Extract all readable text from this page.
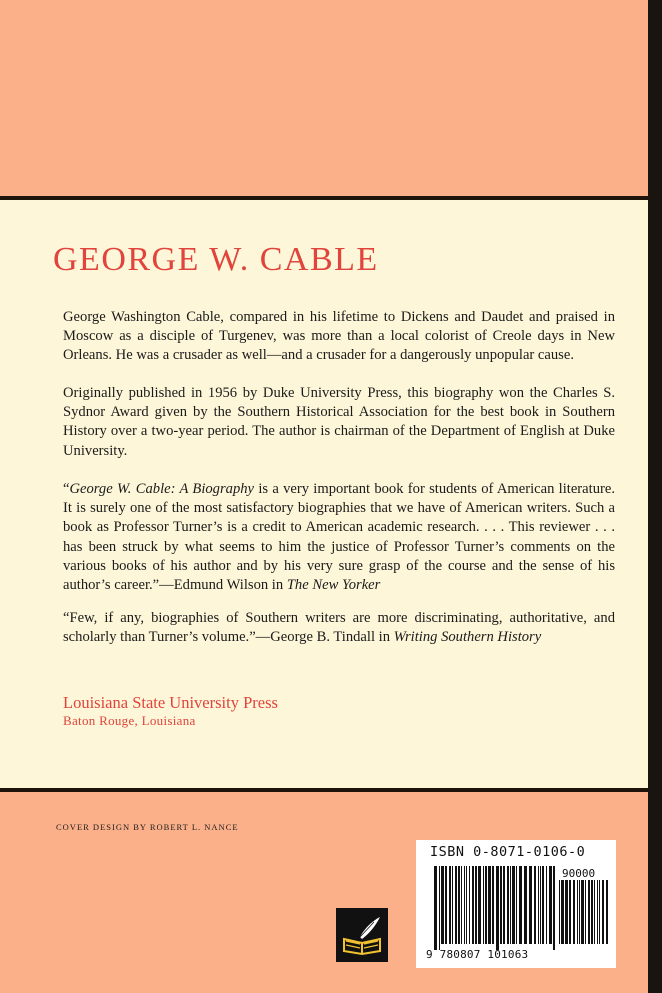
GEORGE W. CABLE

George Washington Cable, compared in his lifetime to Dickens and Daudet and praised in Moscow as a disciple of Turgenev, was more than a local colorist of Creole days in New Orleans. He was a crusader as well—and a crusader for a dangerously unpopular cause.

Originally published in 1956 by Duke University Press, this biography won the Charles S. Sydnor Award given by the Southern Historical Association for the best book in Southern History over a two-year period. The author is chairman of the Department of English at Duke University.

“George W. Cable: A Biography is a very important book for students of American literature. It is surely one of the most satisfactory biographies that we have of American writers. Such a book as Professor Turner’s is a credit to American academic research. . . . This reviewer . . . has been struck by what seems to him the justice of Professor Turner’s comments on the various books of his author and by his very sure grasp of the course and the sense of his author’s career.”—Edmund Wilson in The New Yorker

“Few, if any, biographies of Southern writers are more discriminating, authoritative, and scholarly than Turner’s volume.”—George B. Tindall in Writing Southern History

Louisiana State University Press
Baton Rouge, Louisiana
COVER DESIGN BY ROBERT L. NANCE
ISBN 0-8071-0106-0
90000
9 780807 101063
